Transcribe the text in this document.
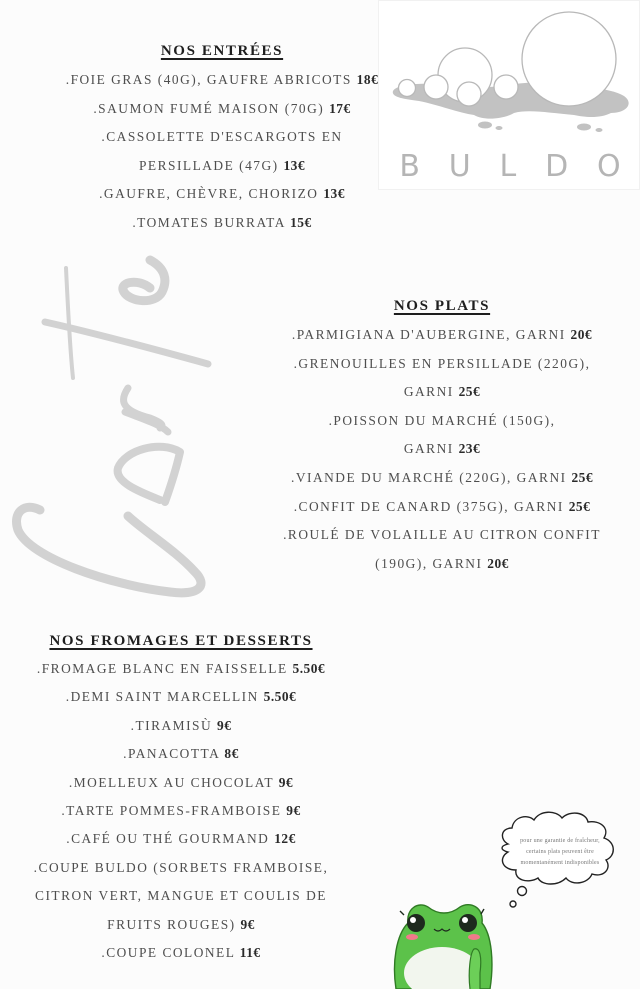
NOS ENTRÉES
.FOIE GRAS (40G), GAUFRE ABRICOTS 18€
.SAUMON FUMÉ MAISON (70G) 17€
.CASSOLETTE D'ESCARGOTS EN
PERSILLADE (47G) 13€
.GAUFRE, CHÈVRE, CHORIZO 13€
.TOMATES BURRATA 15€
B U L D O
NOS PLATS
.PARMIGIANA D'AUBERGINE, GARNI 20€
.GRENOUILLES EN PERSILLADE (220G),
GARNI 25€
.POISSON DU MARCHÉ (150G),
GARNI 23€
.VIANDE DU MARCHÉ (220G), GARNI 25€
.CONFIT DE CANARD (375G), GARNI 25€
.ROULÉ DE VOLAILLE AU CITRON CONFIT
(190G), GARNI 20€
NOS FROMAGES ET DESSERTS
.FROMAGE BLANC EN FAISSELLE 5.50€
.DEMI SAINT MARCELLIN 5.50€
.TIRAMISÙ 9€
.PANACOTTA 8€
.MOELLEUX AU CHOCOLAT 9€
.TARTE POMMES-FRAMBOISE 9€
.CAFÉ OU THÉ GOURMAND 12€
.COUPE BULDO (SORBETS FRAMBOISE,
CITRON VERT, MANGUE ET COULIS DE
FRUITS ROUGES) 9€
.COUPE COLONEL 11€
pour une garantie de fraîcheur,
certains plats peuvent être
momentanément indisponibles
